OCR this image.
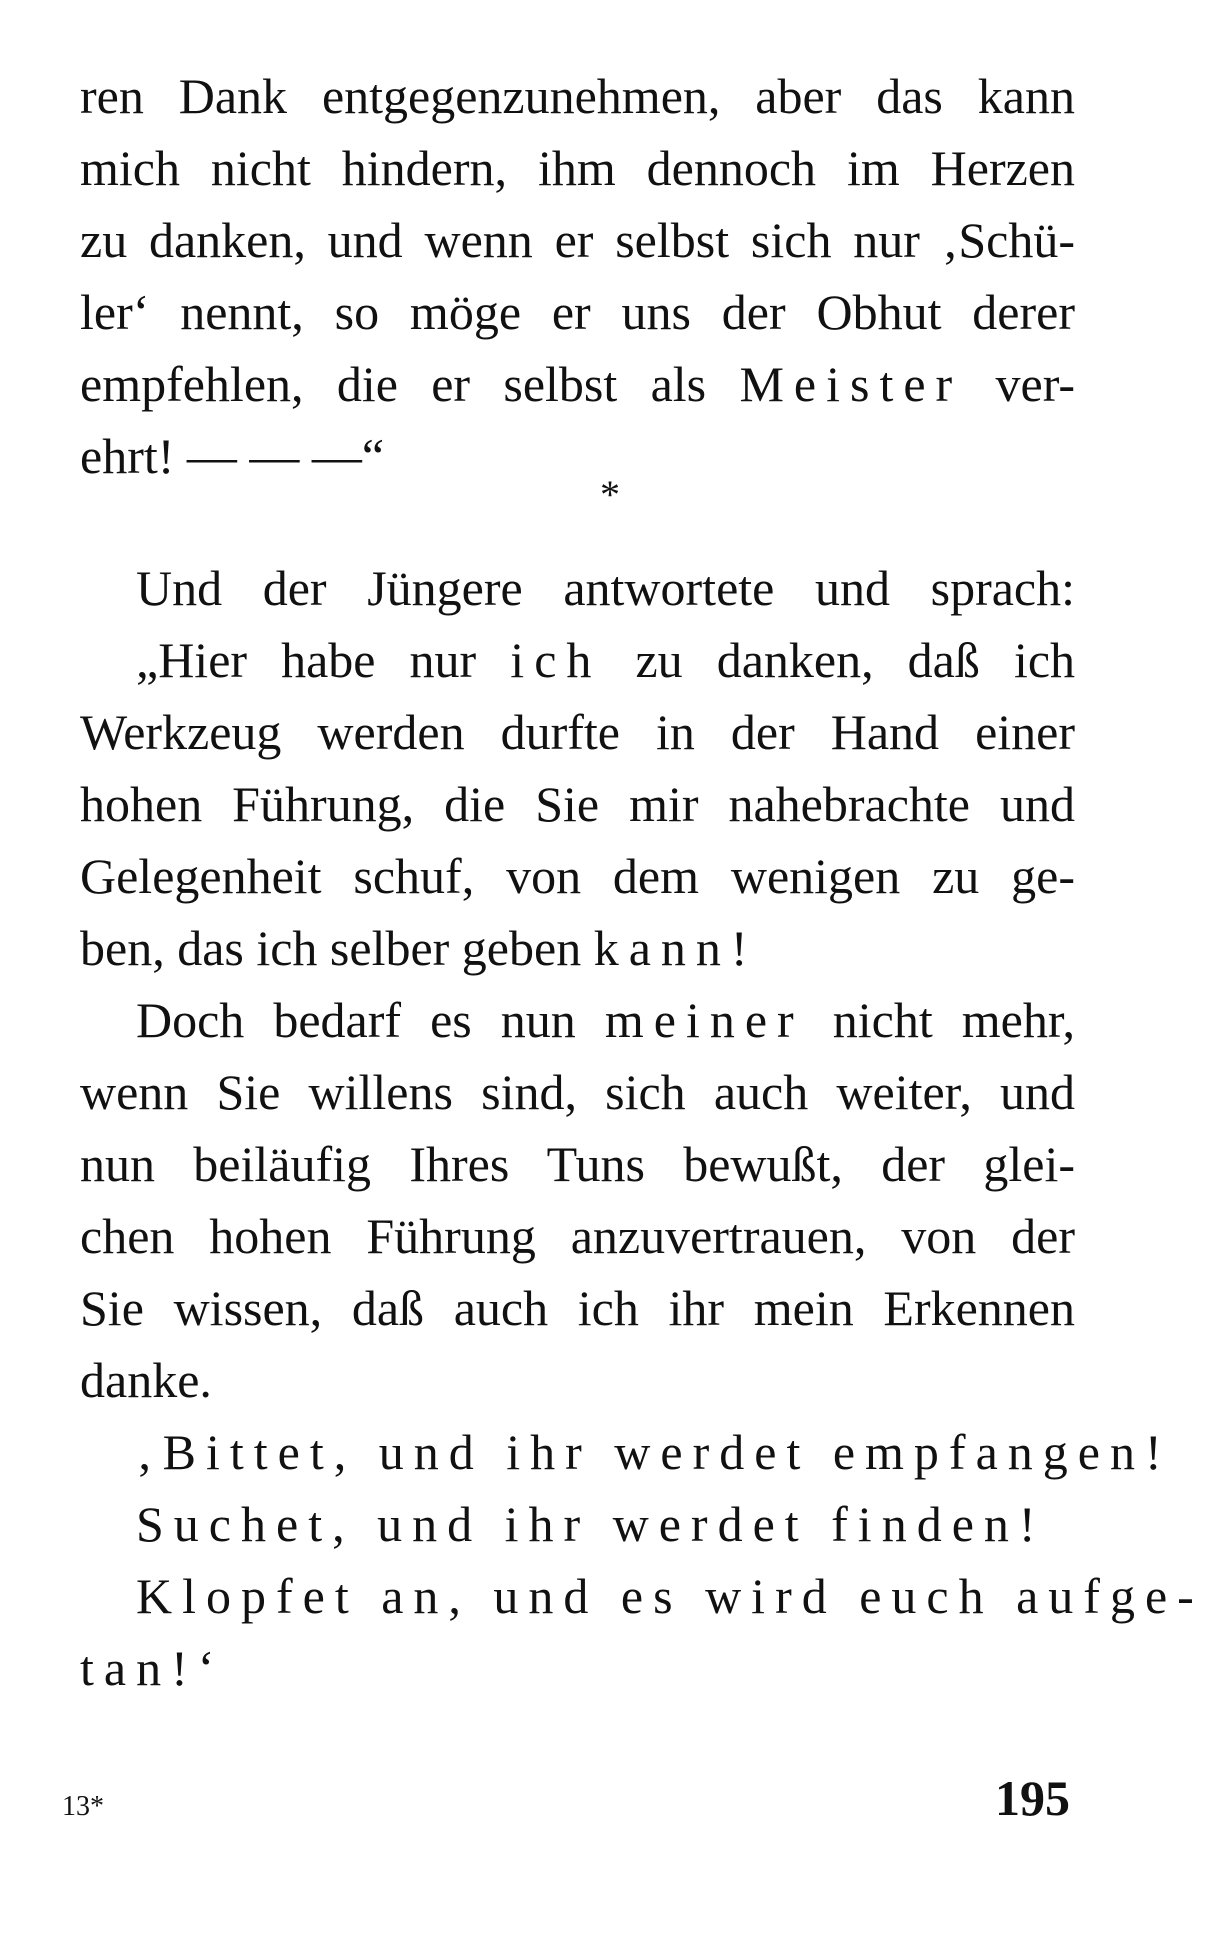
ren Dank entgegenzunehmen, aber das kann
mich nicht hindern, ihm dennoch im Herzen
zu danken, und wenn er selbst sich nur ‚Schü-
ler‘ nennt, so möge er uns der Obhut derer
empfehlen, die er selbst als Meister ver-
ehrt! — — —“
*
Und der Jüngere antwortete und sprach:
„Hier habe nur ich zu danken, daß ich
Werkzeug werden durfte in der Hand einer
hohen Führung, die Sie mir nahebrachte und
Gelegenheit schuf, von dem wenigen zu ge-
ben, das ich selber geben kann!
Doch bedarf es nun meiner nicht mehr,
wenn Sie willens sind, sich auch weiter, und
nun beiläufig Ihres Tuns bewußt, der glei-
chen hohen Führung anzuvertrauen, von der
Sie wissen, daß auch ich ihr mein Erkennen
danke.
‚Bittet, und ihr werdet empfangen!
Suchet, und ihr werdet finden!
Klopfet an, und es wird euch aufge-
tan!‘
13*	195
